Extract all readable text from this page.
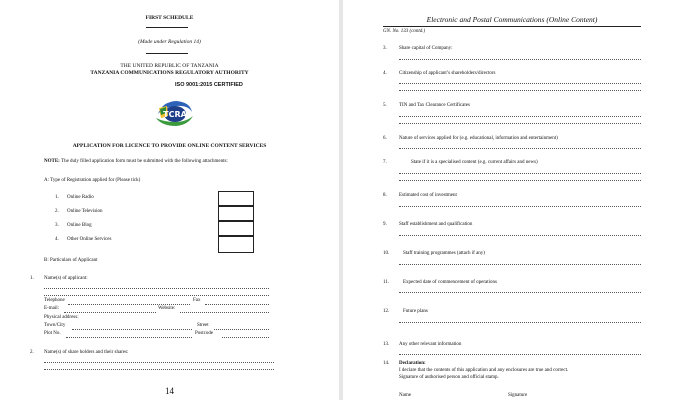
FIRST SCHEDULE
(Made under Regulation 14)
THE UNITED REPUBLIC OF TANZANIA
TANZANIA COMMUNICATIONS REGULATORY AUTHORITY
ISO 9001:2015 CERTIFIED
TCRA
APPLICATION FOR LICENCE TO PROVIDE ONLINE CONTENT SERVICES
NOTE: The duly filled application form must be submitted with the following attachments:
A: Type of Registration applied for (Please tick)
1. Online Radio
2. Online Television
3. Online Blog
4. Other Online Services
B: Particulars of Applicant
1. Name(s) of applicant:
Telephone	Fax
E-mail:	Website:
Physical address:
Town/City	Street
Plot No.	Postcode
2. Name(s) of share holders and their shares:
14
Electronic and Postal Communications (Online Content)
GN. No. 133 (contd.)
3. Share capital of Company:
4. Citizenship of applicant’s shareholders/directors
5. TIN and Tax Clearance Certificates
6. Nature of services applied for (e.g. educational, information and entertainment)
7.	State if it is a specialised content (e.g. current affairs and news)
8. Estimated cost of investment
9. Staff establishment and qualification
10.	Staff training programmes (attach if any)
11.	Expected date of commencement of operations
12.	Future plans
13. Any other relevant information
14. Declaration:
I declare that the contents of this application and any enclosures are true and correct.
Signature of authorised person and official stamp.
Name	Signature
